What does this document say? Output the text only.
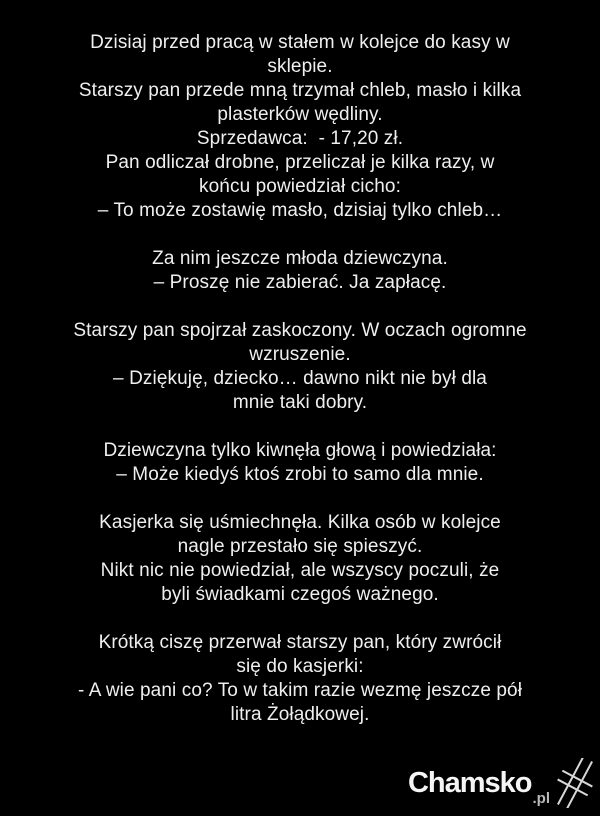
Dzisiaj przed pracą w stałem w kolejce do kasy w
sklepie.
Starszy pan przede mną trzymał chleb, masło i kilka
plasterków wędliny.
Sprzedawca:  - 17,20 zł.
Pan odliczał drobne, przeliczał je kilka razy, w
końcu powiedział cicho:
– To może zostawię masło, dzisiaj tylko chleb…

Za nim jeszcze młoda dziewczyna.
– Proszę nie zabierać. Ja zapłacę.

Starszy pan spojrzał zaskoczony. W oczach ogromne
wzruszenie.
– Dziękuję, dziecko… dawno nikt nie był dla
mnie taki dobry.

Dziewczyna tylko kiwnęła głową i powiedziała:
– Może kiedyś ktoś zrobi to samo dla mnie.

Kasjerka się uśmiechnęła. Kilka osób w kolejce
nagle przestało się spieszyć.
Nikt nic nie powiedział, ale wszyscy poczuli, że
byli świadkami czegoś ważnego.

Krótką ciszę przerwał starszy pan, który zwrócił
się do kasjerki:
- A wie pani co? To w takim razie wezmę jeszcze pół
litra Żołądkowej.
Chamsko .pl
